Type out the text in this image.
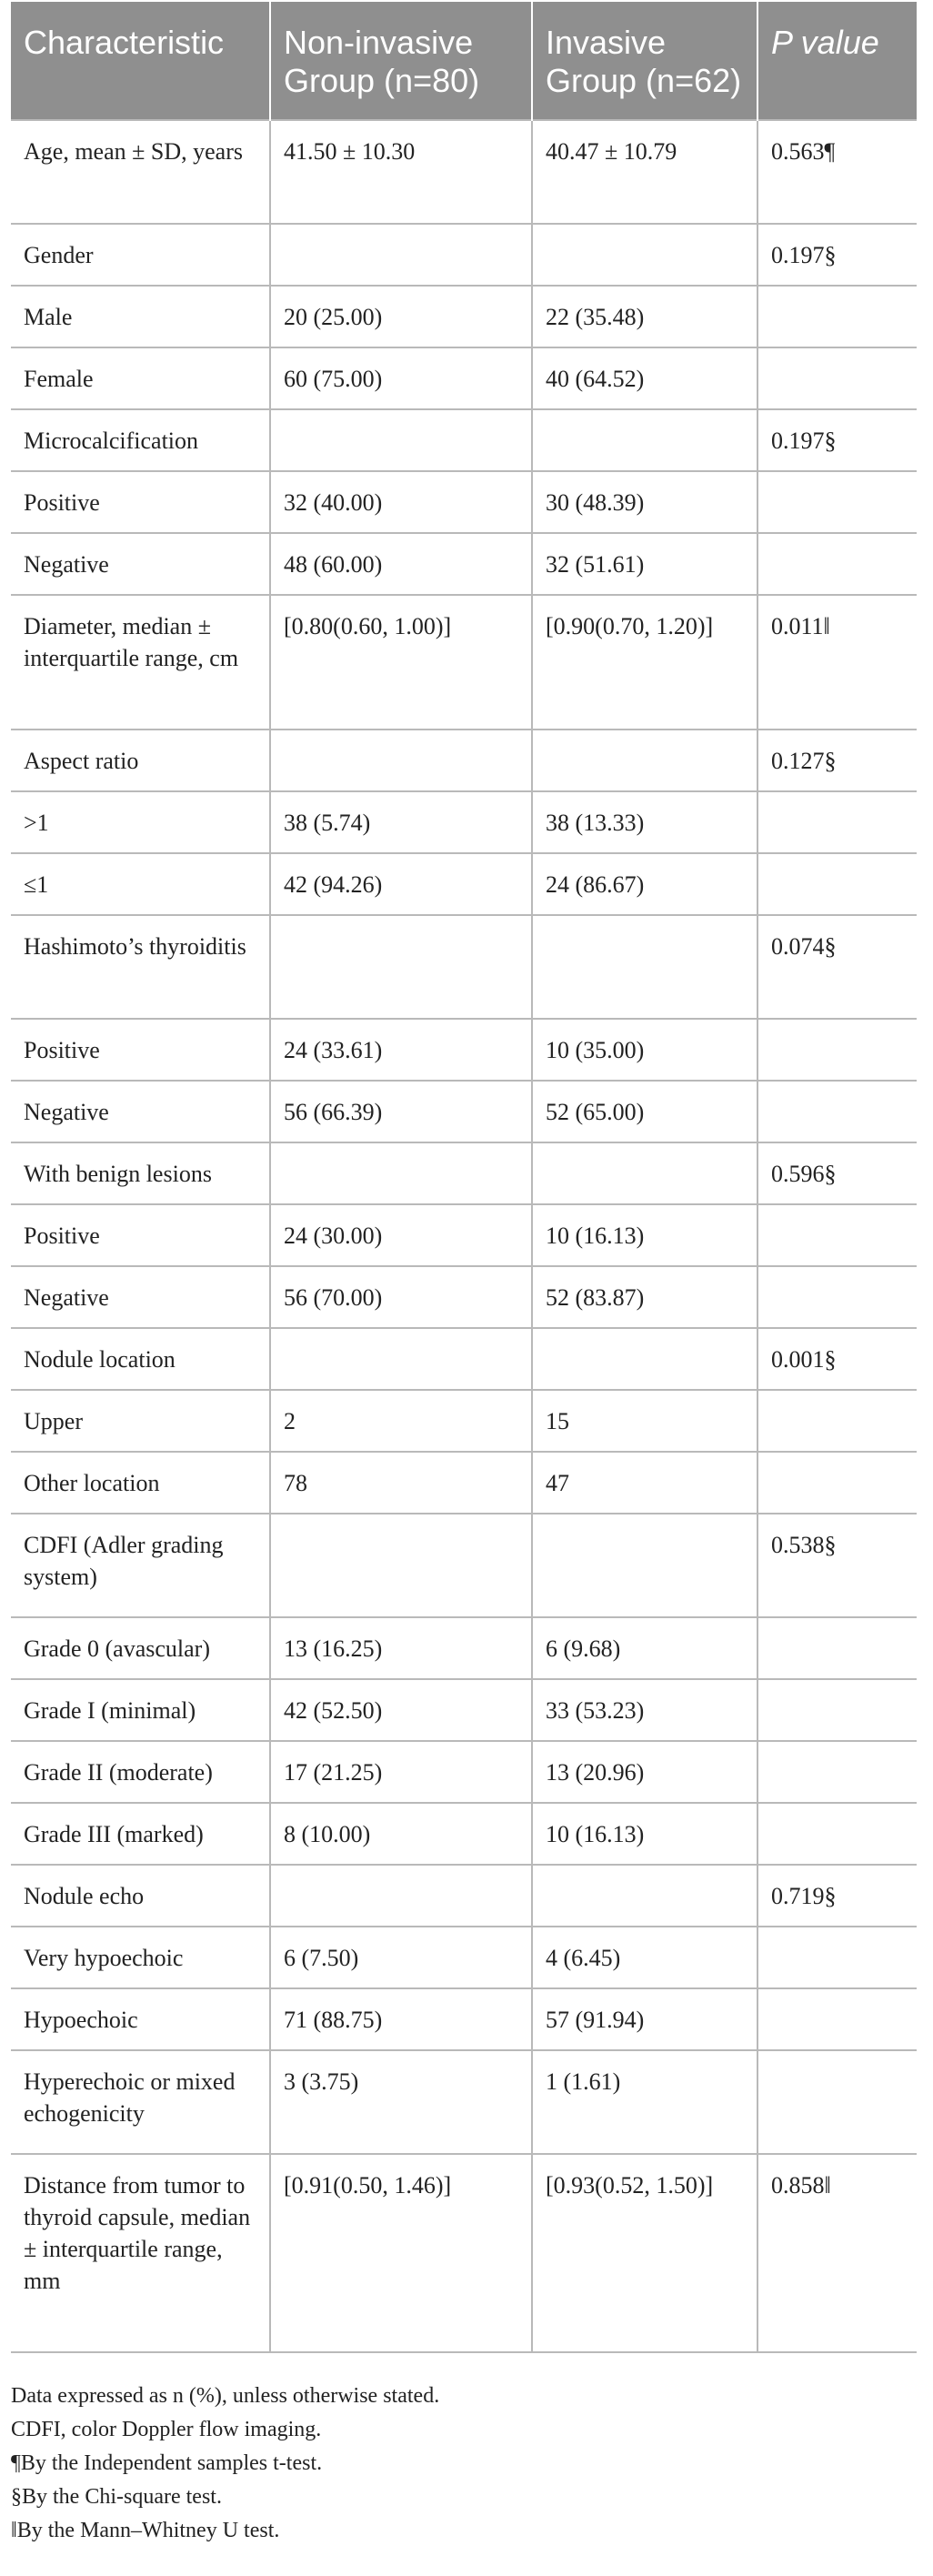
Characteristic	Non-invasive Group (n=80)	Invasive Group (n=62)	P value
Age, mean ± SD, years	41.50 ± 10.30	40.47 ± 10.79	0.563¶
Gender			0.197§
Male	20 (25.00)	22 (35.48)	
Female	60 (75.00)	40 (64.52)	
Microcalcification			0.197§
Positive	32 (40.00)	30 (48.39)	
Negative	48 (60.00)	32 (51.61)	
Diameter, median ± interquartile range, cm	[0.80(0.60, 1.00)]	[0.90(0.70, 1.20)]	0.011‖
Aspect ratio			0.127§
>1	38 (5.74)	38 (13.33)	
≤1	42 (94.26)	24 (86.67)	
Hashimoto’s thyroiditis			0.074§
Positive	24 (33.61)	10 (35.00)	
Negative	56 (66.39)	52 (65.00)	
With benign lesions			0.596§
Positive	24 (30.00)	10 (16.13)	
Negative	56 (70.00)	52 (83.87)	
Nodule location			0.001§
Upper	2	15	
Other location	78	47	
CDFI (Adler grading system)			0.538§
Grade 0 (avascular)	13 (16.25)	6 (9.68)	
Grade I (minimal)	42 (52.50)	33 (53.23)	
Grade II (moderate)	17 (21.25)	13 (20.96)	
Grade III (marked)	8 (10.00)	10 (16.13)	
Nodule echo			0.719§
Very hypoechoic	6 (7.50)	4 (6.45)	
Hypoechoic	71 (88.75)	57 (91.94)	
Hyperechoic or mixed echogenicity	3 (3.75)	1 (1.61)	
Distance from tumor to thyroid capsule, median ± interquartile range, mm	[0.91(0.50, 1.46)]	[0.93(0.52, 1.50)]	0.858‖
Data expressed as n (%), unless otherwise stated.
CDFI, color Doppler flow imaging.
¶By the Independent samples t-test.
§By the Chi-square test.
‖By the Mann–Whitney U test.
